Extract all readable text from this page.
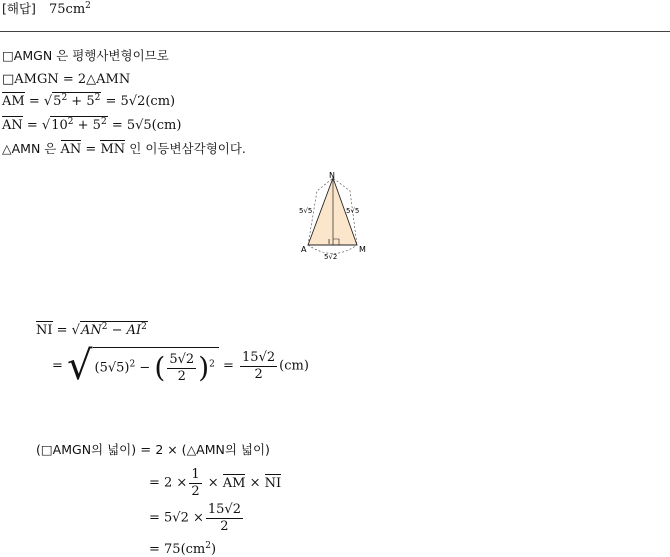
[해답] $75cm^2$
□AMGN 은 평행사변형이므로
□AMGN = 2△AMN
AM = $√5^2 + 5^2 = 5√2(cm)$
AN = $√10^2 + 5^2 = 5√5(cm)$
△AMN 은 AN = MN 인 이등변삼각형이다.
N
A	M
I
5√5	5√5
5√2
NI = $√AN^2 - AI^2$
= √ $(5√5)^2$ − ( $\frac{5√2}{2} )^2 = \frac{15√2}{2} (cm)$
(□AMGN의 넓이) = 2 × (△AMN의 넓이)
= $2 \times \frac{1}{2}$ × AM × NI
= $5√2 \times \frac{15√2}{2}$
= $75(cm^2)$
